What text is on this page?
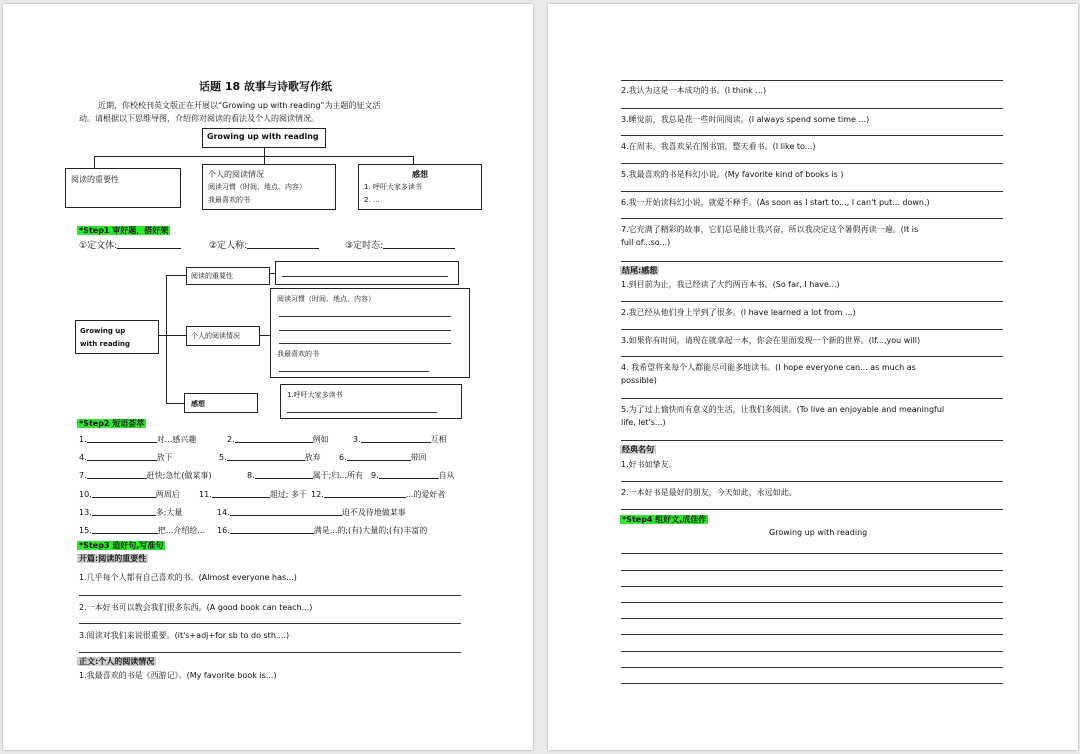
话题 18 故事与诗歌写作纸
近期，你校校刊英文版正在开展以“Growing up with reading”为主题的征文活
动。请根据以下思维导图，介绍你对阅读的看法及个人的阅读情况。
Growing up with reading
阅读的重要性
个人的阅读情况
阅读习惯（时间、地点、内容）
我最喜欢的书
感想
1. 呼吁大家多读书
2. ...
*Step1 审好题，搭好架
①定文体:	②定人称:	③定时态:
Growing up
with reading
阅读的重要性
个人的阅读情况
阅读习惯（时间、地点、内容）
我最喜欢的书
感想
1.呼吁大家多读书
*Step2 短语荟萃
1.	对...感兴趣	2.	例如	3.	互相
4.	放下	5.	放弃 6.	带回
7.	赶快;急忙(做某事)	8.	属于;归...所有 9.	自从
10.	两周后 11.	超过; 多于 12.	...的爱好者
13.	多;大量	14.	迫不及待地做某事
15.	把...介绍给... 16.	满是...的;(有)大量的;(有)丰富的
*Step3 造好句,写准句
开篇:阅读的重要性
1.几乎每个人都有自己喜欢的书。(Almost everyone has...)
2.一本好书可以教会我们很多东西。(A good book can teach...)
3.阅读对我们来说很重要。(it's+adj+for sb to do sth....)
正文:个人的阅读情况
1.我最喜欢的书是《西游记》。(My favorite book is...)
2.我认为这是一本成功的书。(I think ...)
3.睡觉前，我总是花一些时间阅读。(I always spend some time ...)
4.在周末，我喜欢呆在图书馆，整天看书。(I like to...)
5.我最喜欢的书是科幻小说。(My favorite kind of books is )
6.我一开始读科幻小说，就爱不释手。(As soon as I start to..., I can't put... down.)
7.它充满了精彩的故事，它们总是能让我兴奋，所以我决定这个暑假再读一遍。(It is
full of...so...)
结尾:感想
1.到目前为止，我已经读了大约两百本书。(So far, I have...)
2.我已经从他们身上学到了很多。(I have learned a lot from ...)
3.如果你有时间，请现在就拿起一本，你会在里面发现一个新的世界。(If...,you will)
4. 我希望将来每个人都能尽可能多地读书。(I hope everyone can... as much as
possible)
5.为了过上愉快而有意义的生活，让我们多阅读。(To live an enjoyable and meaningful
life, let's...)
经典名句
1.好书如挚友。
2.一本好书是最好的朋友，今天如此，永远如此。
*Step4 组好文,成佳作
Growing up with reading
